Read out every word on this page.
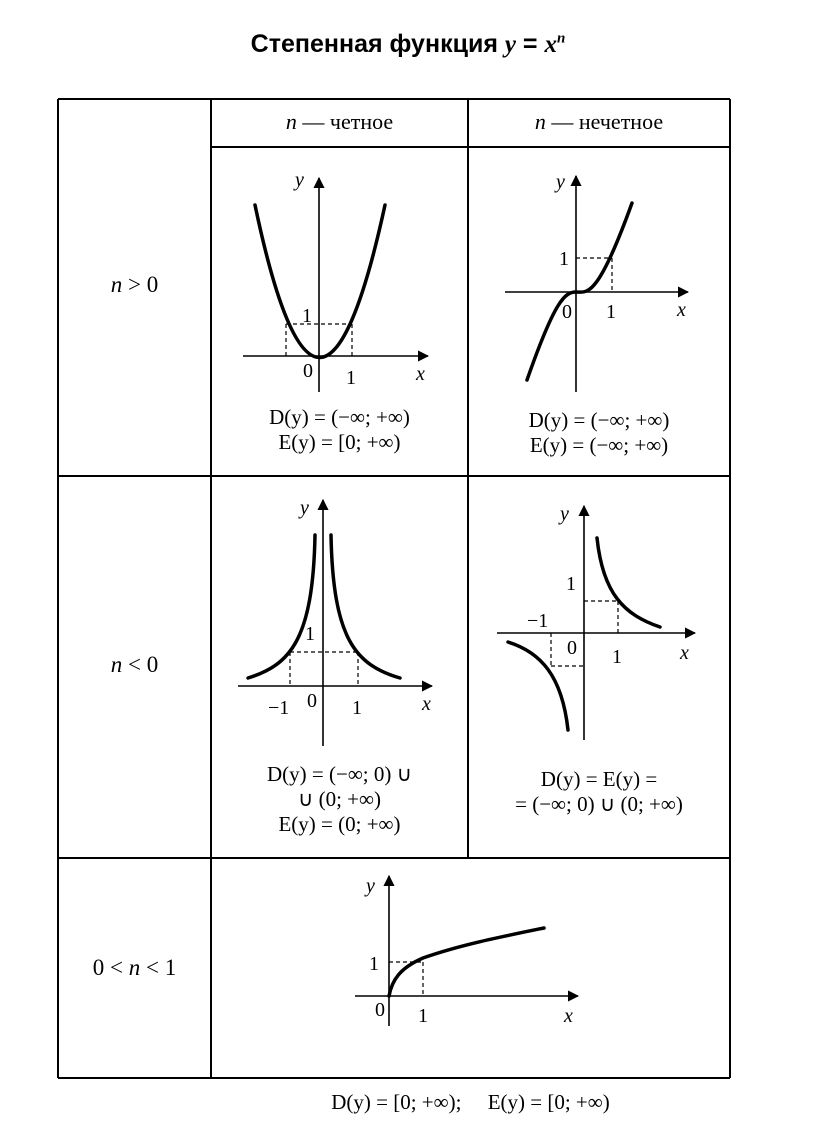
Степенная функция $y = x^n$
y
x
1
0 1
y
x
1
0 1
y
x
1
0
−1	1
y
x
1
0
−1
1
y
x
1
0 1
n — четное	n — нечетное
n > 0
n < 0
0 < n < 1
D(y) = (−∞; +∞)
E(y) = [0; +∞)
D(y) = (−∞; +∞)
E(y) = (−∞; +∞)
D(y) = (−∞; 0) ∪
∪ (0; +∞)
E(y) = (0; +∞)
D(y) = E(y) =
= (−∞; 0) ∪ (0; +∞)

D(y) = [0; +∞);     E(y) = [0; +∞)
